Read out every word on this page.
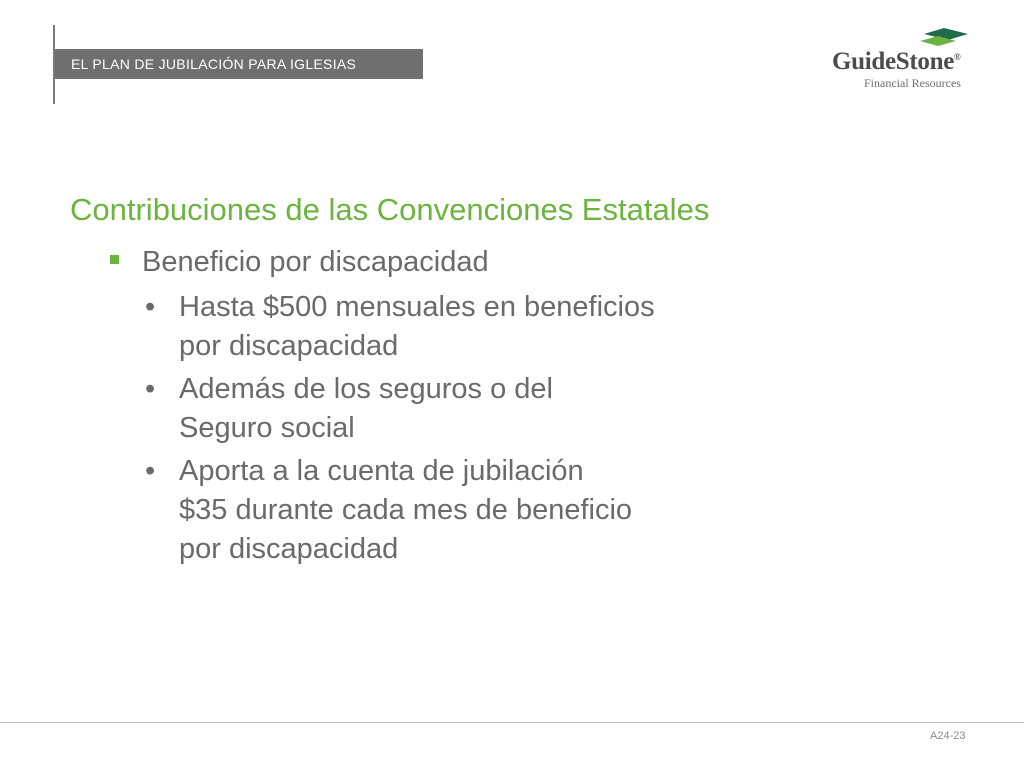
EL PLAN DE JUBILACIÓN PARA IGLESIAS	GuideStone®
Financial Resources
Contribuciones de las Convenciones Estatales
Beneficio por discapacidad
• Hasta $500 mensuales en beneficios
por discapacidad
• Además de los seguros o del
Seguro social
• Aporta a la cuenta de jubilación
$35 durante cada mes de beneficio
por discapacidad
A24-23
